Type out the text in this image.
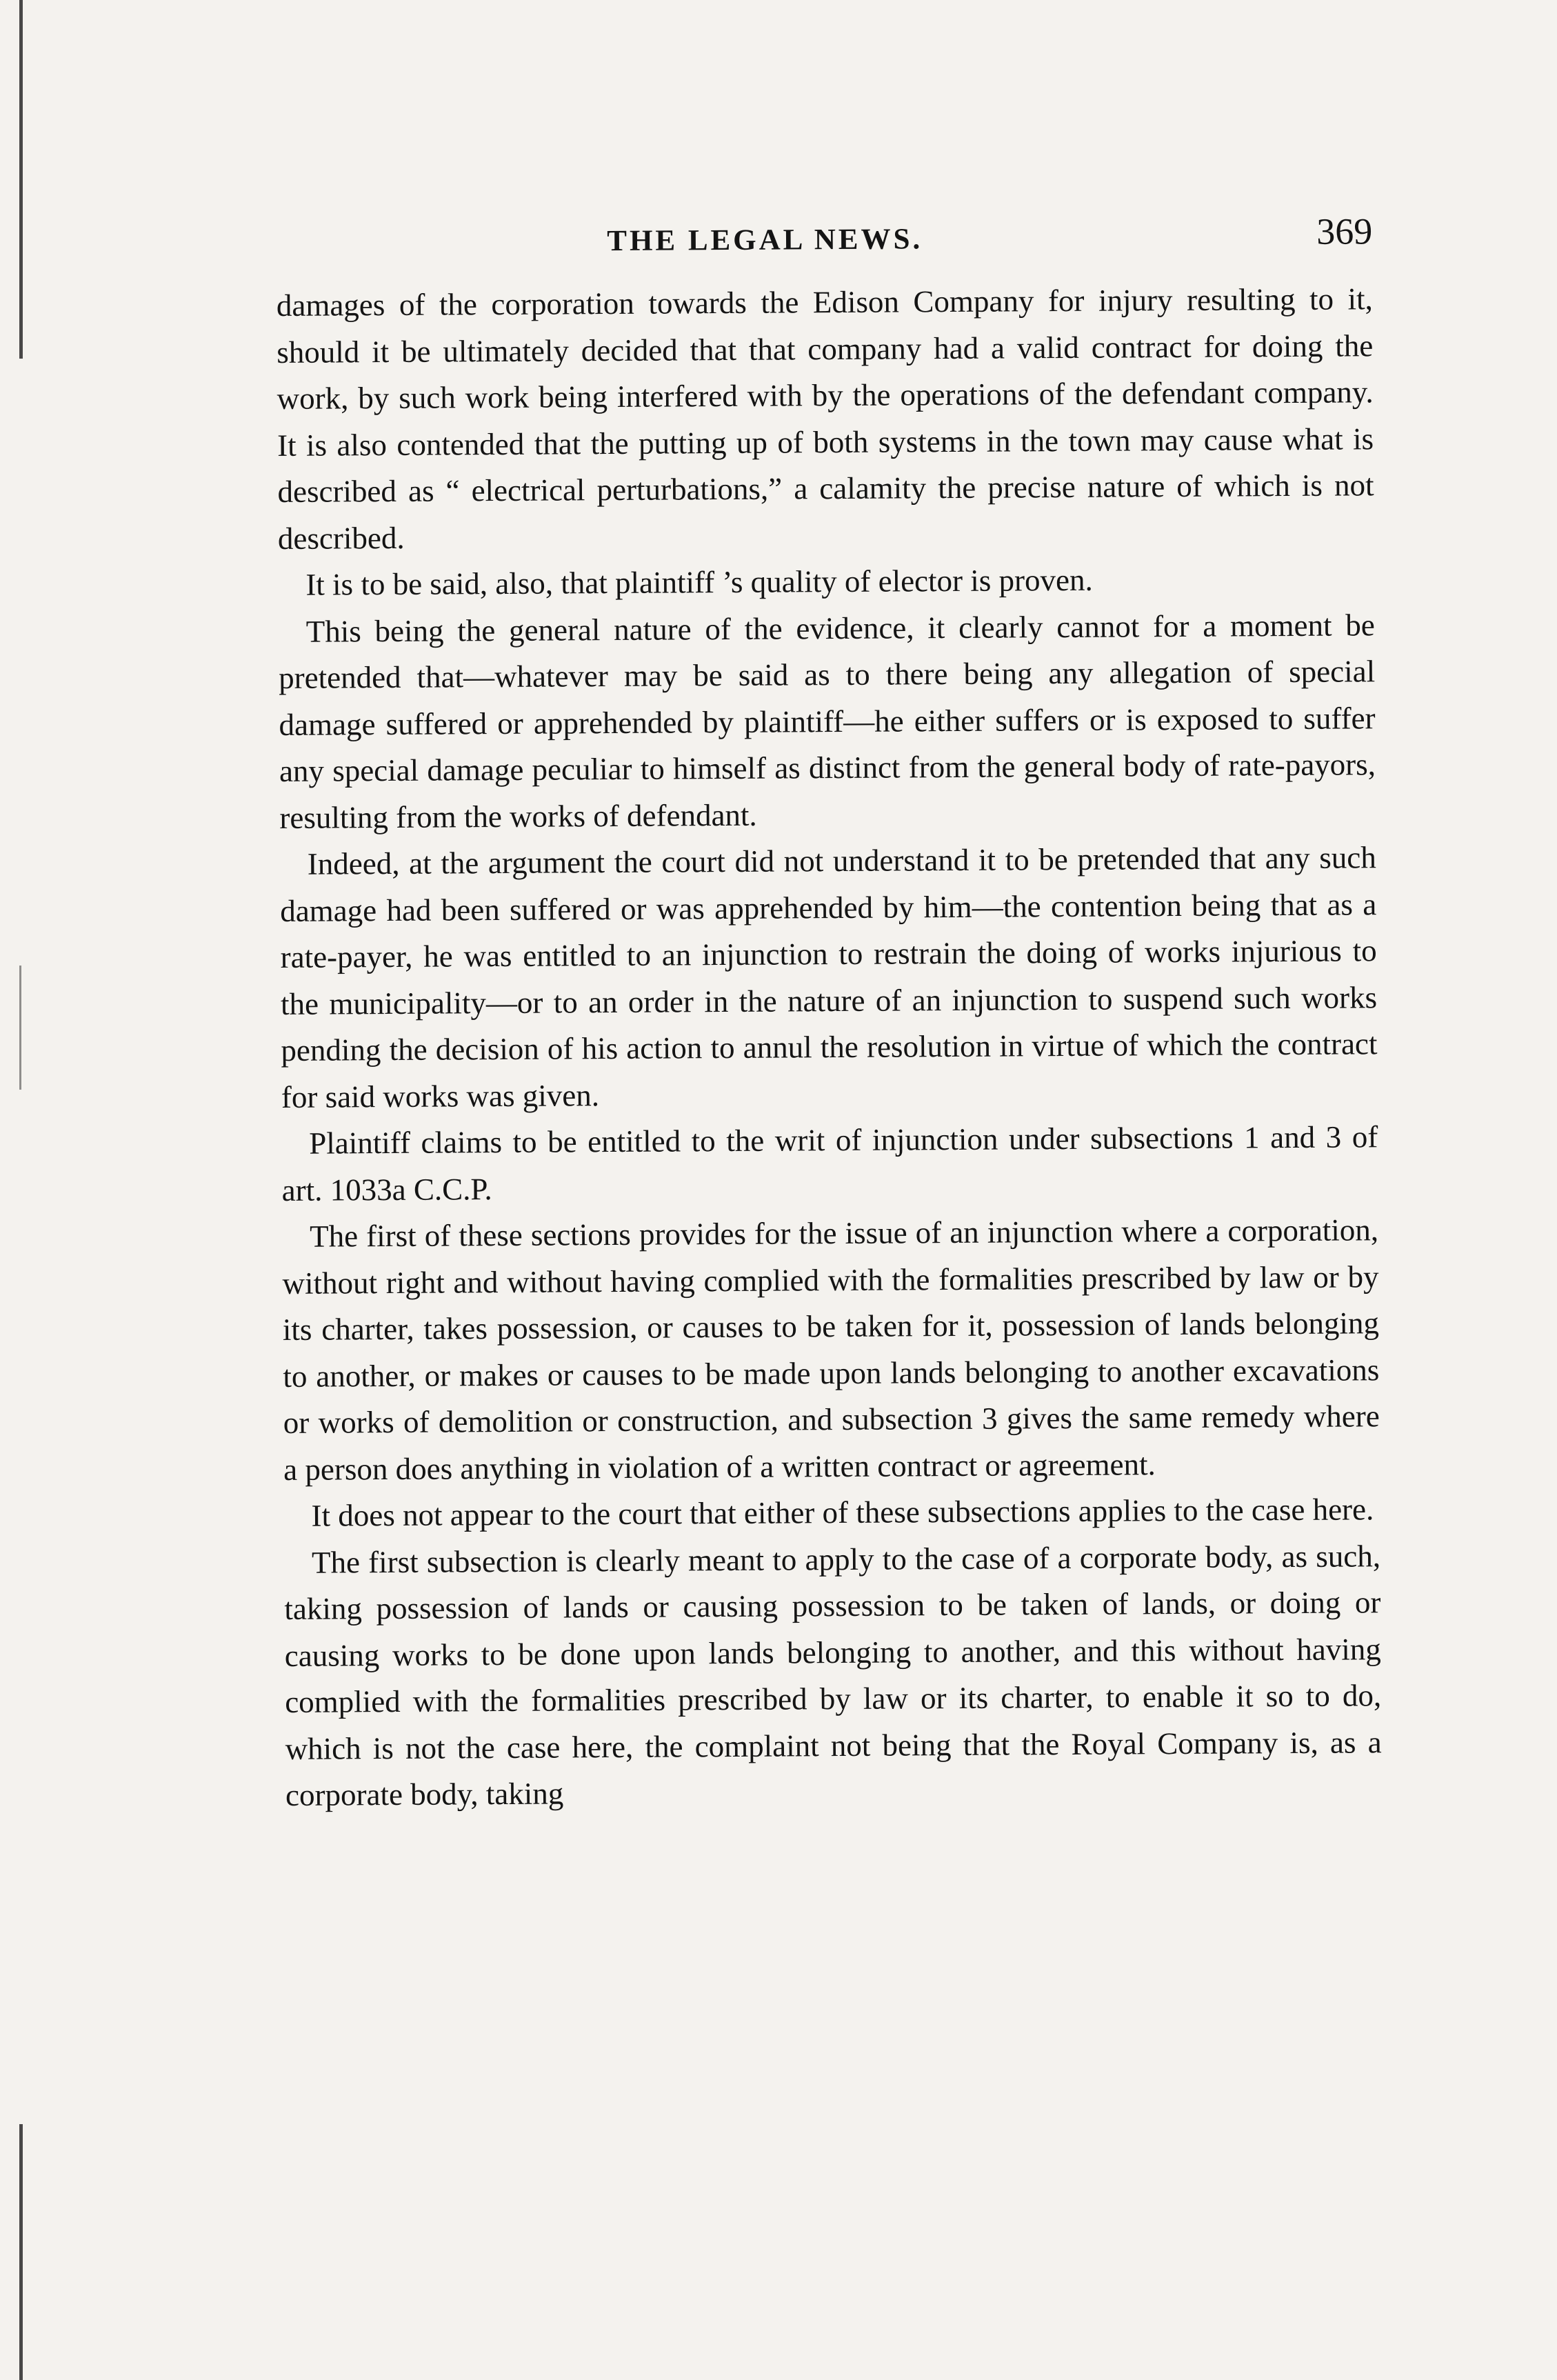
THE LEGAL NEWS.	369

damages of the corporation towards the Edison Company for injury resulting to it, should it be ultimately decided that that company had a valid contract for doing the work, by such work being interfered with by the operations of the defendant company. It is also contended that the putting up of both systems in the town may cause what is described as “ electrical perturbations,” a calamity the precise nature of which is not described.

It is to be said, also, that plaintiff ’s quality of elector is proven.

This being the general nature of the evidence, it clearly cannot for a moment be pretended that—whatever may be said as to there being any allegation of special damage suffered or apprehended by plaintiff—he either suffers or is exposed to suffer any special damage peculiar to himself as distinct from the general body of rate-payors, resulting from the works of defendant.

Indeed, at the argument the court did not understand it to be pretended that any such damage had been suffered or was apprehended by him—the contention being that as a rate-payer, he was entitled to an injunction to restrain the doing of works injurious to the municipality—or to an order in the nature of an injunction to suspend such works pending the decision of his action to annul the resolution in virtue of which the contract for said works was given.

Plaintiff claims to be entitled to the writ of injunction under subsections 1 and 3 of art. 1033a C.C.P.

The first of these sections provides for the issue of an injunction where a corporation, without right and without having complied with the formalities prescribed by law or by its charter, takes possession, or causes to be taken for it, possession of lands belonging to another, or makes or causes to be made upon lands belonging to another excavations or works of demolition or construction, and subsection 3 gives the same remedy where a person does anything in violation of a written contract or agreement.

It does not appear to the court that either of these subsections applies to the case here.

The first subsection is clearly meant to apply to the case of a corporate body, as such, taking possession of lands or causing possession to be taken of lands, or doing or causing works to be done upon lands belonging to another, and this without having complied with the formalities prescribed by law or its charter, to enable it so to do, which is not the case here, the complaint not being that the Royal Company is, as a corporate body, taking
